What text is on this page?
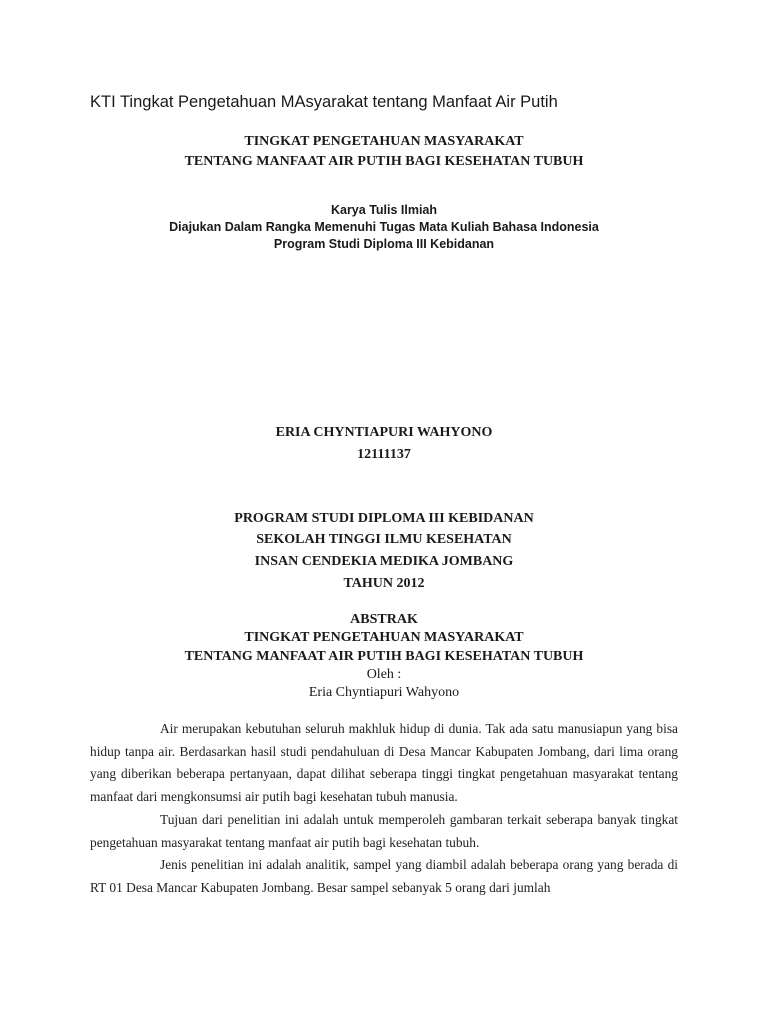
KTI Tingkat Pengetahuan MAsyarakat tentang Manfaat Air Putih
TINGKAT PENGETAHUAN MASYARAKAT
TENTANG MANFAAT AIR PUTIH BAGI KESEHATAN TUBUH
Karya Tulis Ilmiah
Diajukan Dalam Rangka Memenuhi Tugas Mata Kuliah Bahasa Indonesia
Program Studi Diploma III Kebidanan
ERIA CHYNTIAPURI WAHYONO
12111137
PROGRAM STUDI DIPLOMA III KEBIDANAN
SEKOLAH TINGGI ILMU KESEHATAN
INSAN CENDEKIA MEDIKA JOMBANG
TAHUN 2012
ABSTRAK
TINGKAT PENGETAHUAN MASYARAKAT
TENTANG MANFAAT AIR PUTIH BAGI KESEHATAN TUBUH
Oleh :
Eria Chyntiapuri Wahyono

Air merupakan kebutuhan seluruh makhluk hidup di dunia. Tak ada satu manusiapun yang bisa hidup tanpa air. Berdasarkan hasil studi pendahuluan di Desa Mancar Kabupaten Jombang, dari lima orang yang diberikan beberapa pertanyaan, dapat dilihat seberapa tinggi tingkat pengetahuan masyarakat tentang manfaat dari mengkonsumsi air putih bagi kesehatan tubuh manusia.

Tujuan dari penelitian ini adalah untuk memperoleh gambaran terkait seberapa banyak tingkat pengetahuan masyarakat tentang manfaat air putih bagi kesehatan tubuh.

Jenis penelitian ini adalah analitik, sampel yang diambil adalah beberapa orang yang berada di RT 01 Desa Mancar Kabupaten Jombang. Besar sampel sebanyak 5 orang dari jumlah
